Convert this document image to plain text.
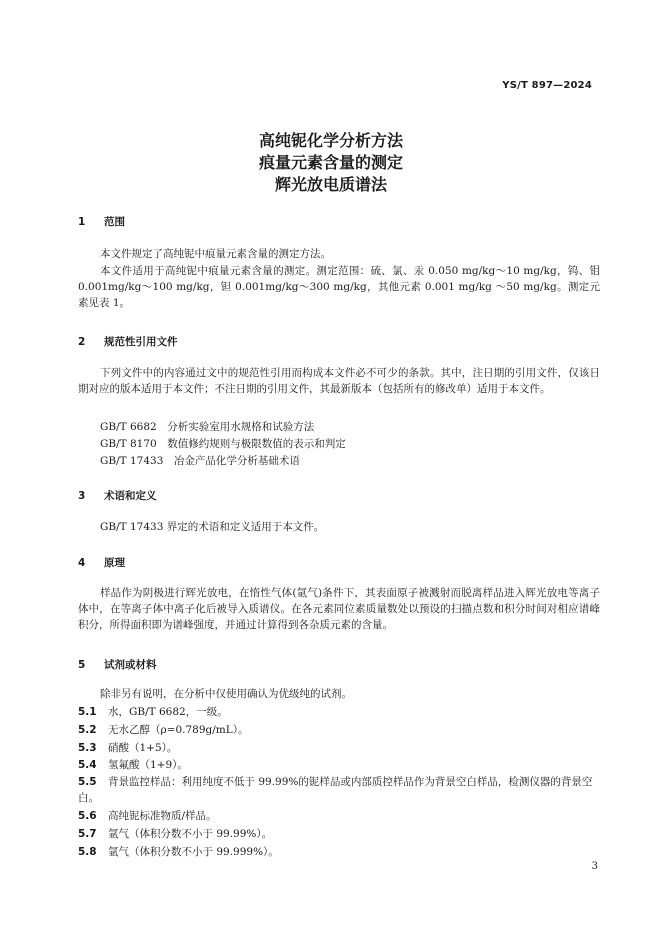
YS/T 897—2024
高纯铌化学分析方法
痕量元素含量的测定
辉光放电质谱法
1 范围
本文件规定了高纯铌中痕量元素含量的测定方法。
本文件适用于高纯铌中痕量元素含量的测定。测定范围：硫、氯、汞 0.050 mg/kg～10 mg/kg，钨、钼 0.001mg/kg～100 mg/kg，钽 0.001mg/kg～300 mg/kg，其他元素 0.001 mg/kg ～50 mg/kg。测定元素见表 1。
2 规范性引用文件
下列文件中的内容通过文中的规范性引用而构成本文件必不可少的条款。其中，注日期的引用文件，仅该日期对应的版本适用于本文件；不注日期的引用文件，其最新版本（包括所有的修改单）适用于本文件。
GB/T 6682　分析实验室用水规格和试验方法
GB/T 8170　数值修约规则与极限数值的表示和判定
GB/T 17433　冶金产品化学分析基础术语
3 术语和定义
GB/T 17433 界定的术语和定义适用于本文件。
4 原理
样品作为阴极进行辉光放电，在惰性气体(氩气)条件下，其表面原子被溅射而脱离样品进入辉光放电等离子体中，在等离子体中离子化后被导入质谱仪。在各元素同位素质量数处以预设的扫描点数和积分时间对相应谱峰积分，所得面积即为谱峰强度，并通过计算得到各杂质元素的含量。
5 试剂或材料
除非另有说明，在分析中仅使用确认为优级纯的试剂。
5.1 水，GB/T 6682，一级。
5.2 无水乙醇（ρ=0.789g/mL）。
5.3 硝酸（1+5）。
5.4 氢氟酸（1+9）。
5.5 背景监控样品：利用纯度不低于 99.99%的铌样品或内部质控样品作为背景空白样品，检测仪器的背景空白。
5.6 高纯铌标准物质/样品。
5.7 氩气（体积分数不小于 99.99%）。
5.8 氩气（体积分数不小于 99.999%）。
3
